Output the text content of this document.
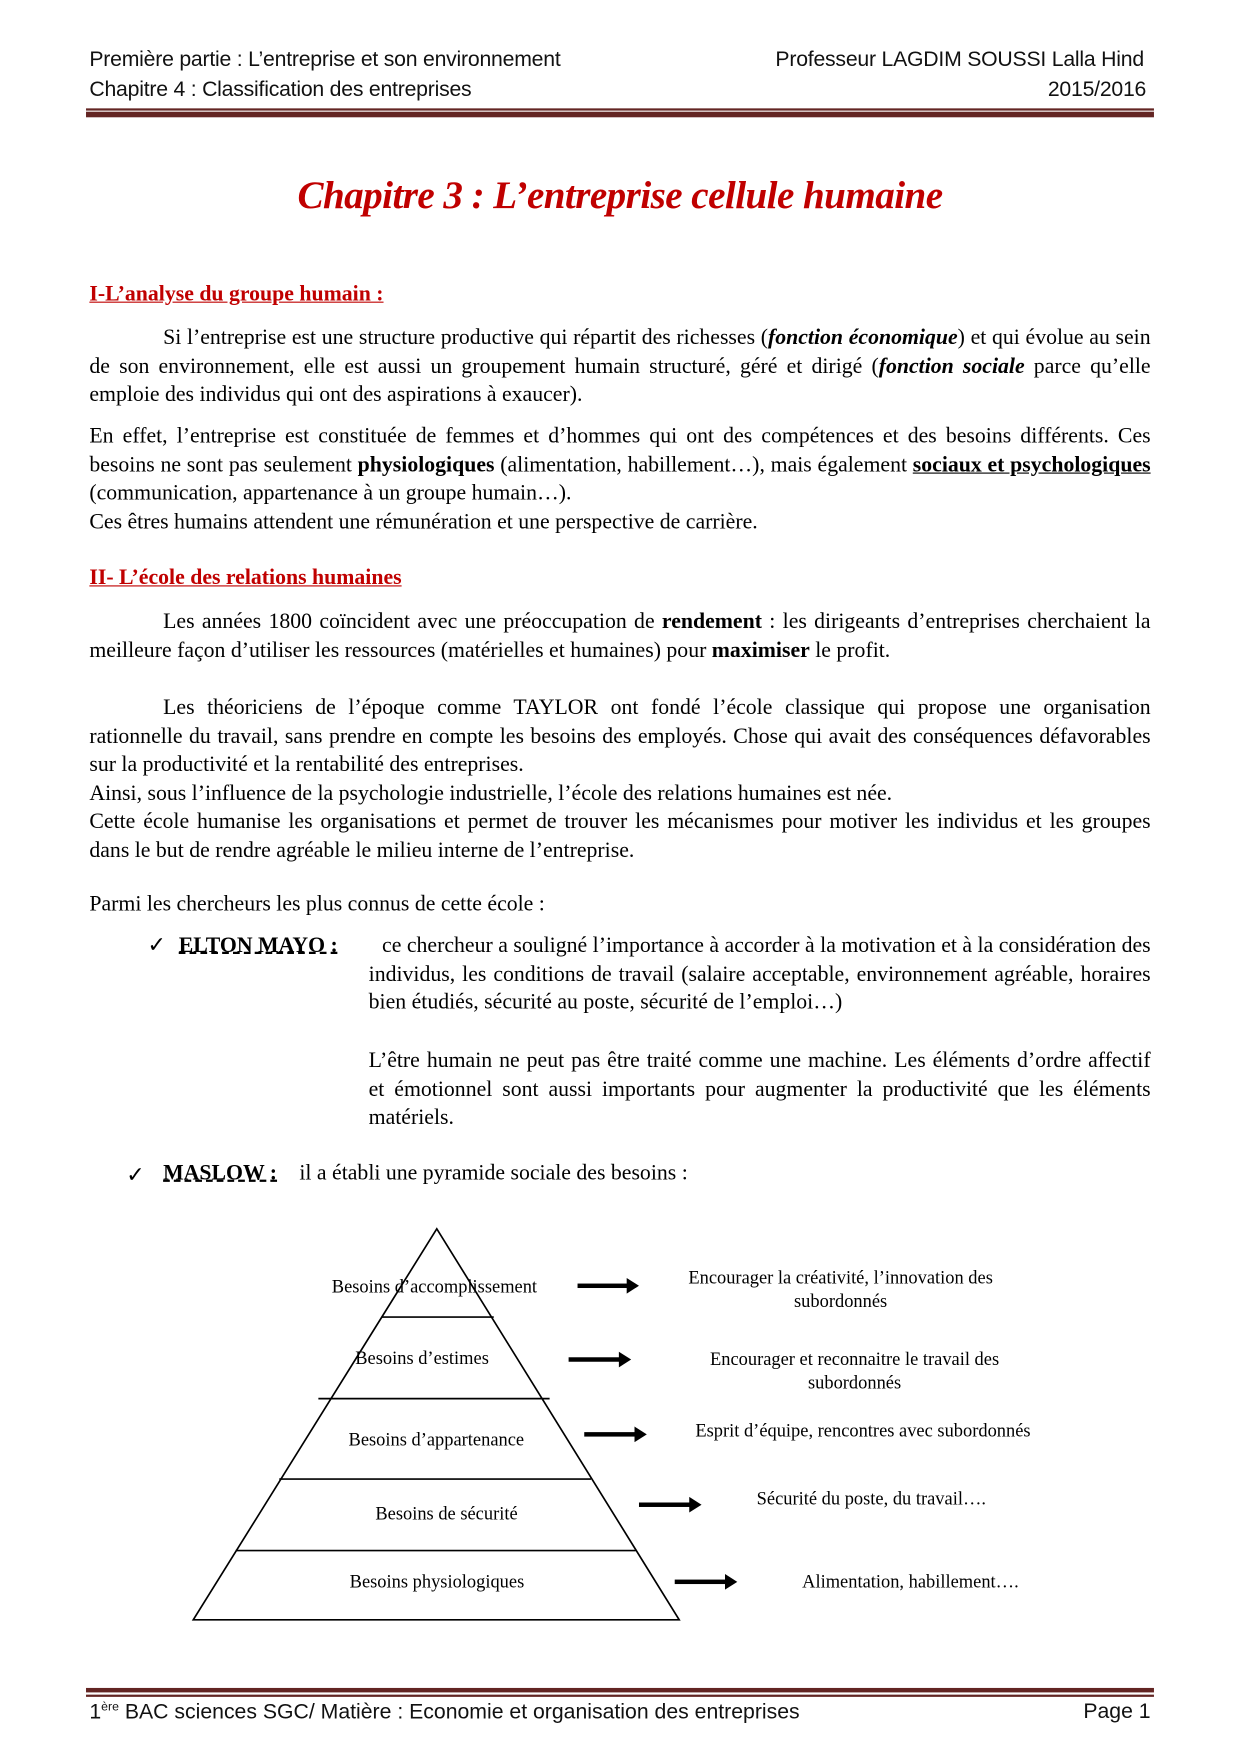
Première partie : L’entreprise et son environnement
Chapitre 4 : Classification des entreprises
Professeur LAGDIM SOUSSI Lalla Hind
2015/2016
Chapitre 3 : L’entreprise cellule humaine
I-L’analyse du groupe humain :
Si l’entreprise est une structure productive qui répartit des richesses (fonction économique) et qui évolue au sein de son environnement, elle est aussi un groupement humain structuré, géré et dirigé (fonction sociale parce qu’elle emploie des individus qui ont des aspirations à exaucer).
En effet, l’entreprise est constituée de femmes et d’hommes qui ont des compétences et des besoins différents. Ces besoins ne sont pas seulement physiologiques (alimentation, habillement…), mais également sociaux et psychologiques (communication, appartenance à un groupe humain…).
Ces êtres humains attendent une rémunération et une perspective de carrière.
II- L’école des relations humaines
Les années 1800 coïncident avec une préoccupation de rendement : les dirigeants d’entreprises cherchaient la meilleure façon d’utiliser les ressources (matérielles et humaines) pour maximiser le profit.
Les théoriciens de l’époque comme TAYLOR ont fondé l’école classique qui propose une organisation rationnelle du travail, sans prendre en compte les besoins des employés. Chose qui avait des conséquences défavorables sur la productivité et la rentabilité des entreprises.
Ainsi, sous l’influence de la psychologie industrielle, l’école des relations humaines est née.
Cette école humanise les organisations et permet de trouver les mécanismes pour motiver les individus et les groupes dans le but de rendre agréable le milieu interne de l’entreprise.
Parmi les chercheurs les plus connus de cette école :
✓ ELTON MAYO :	ce chercheur a souligné l’importance à accorder à la motivation et à la considération des individus, les conditions de travail (salaire acceptable, environnement agréable, horaires bien étudiés, sécurité au poste, sécurité de l’emploi…)
L’être humain ne peut pas être traité comme une machine. Les éléments d’ordre affectif et émotionnel sont aussi importants pour augmenter la productivité que les éléments matériels.
✓ MASLOW : il a établi une pyramide sociale des besoins :
Besoins d’accomplissement
Besoins d’estimes
Besoins d’appartenance
Besoins de sécurité
Besoins physiologiques
Encourager la créativité, l’innovation des subordonnés
Encourager et reconnaitre le travail des subordonnés
Esprit d’équipe, rencontres avec subordonnés
Sécurité du poste, du travail….
Alimentation, habillement….
1ère BAC sciences SGC/ Matière : Economie et organisation des entreprises	Page 1
